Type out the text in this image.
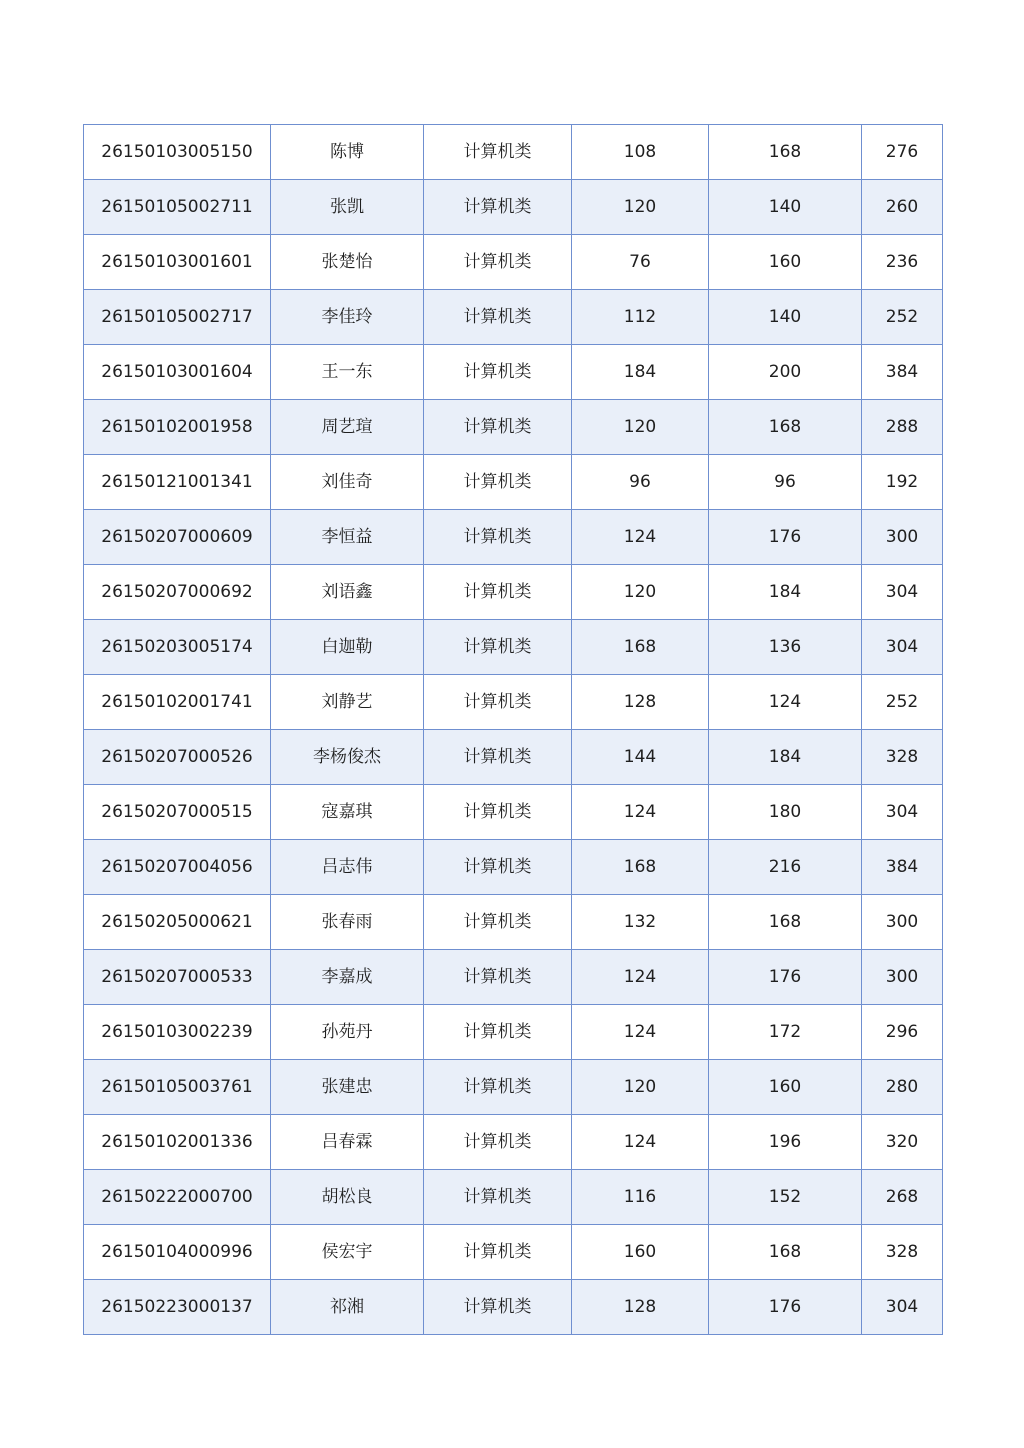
26150103005150	陈博	计算机类	108	168	276
26150105002711	张凯	计算机类	120	140	260
26150103001601	张楚怡	计算机类	76	160	236
26150105002717	李佳玲	计算机类	112	140	252
26150103001604	王一东	计算机类	184	200	384
26150102001958	周艺瑄	计算机类	120	168	288
26150121001341	刘佳奇	计算机类	96	96	192
26150207000609	李恒益	计算机类	124	176	300
26150207000692	刘语鑫	计算机类	120	184	304
26150203005174	白迦勒	计算机类	168	136	304
26150102001741	刘静艺	计算机类	128	124	252
26150207000526	李杨俊杰	计算机类	144	184	328
26150207000515	寇嘉琪	计算机类	124	180	304
26150207004056	吕志伟	计算机类	168	216	384
26150205000621	张春雨	计算机类	132	168	300
26150207000533	李嘉成	计算机类	124	176	300
26150103002239	孙苑丹	计算机类	124	172	296
26150105003761	张建忠	计算机类	120	160	280
26150102001336	吕春霖	计算机类	124	196	320
26150222000700	胡松良	计算机类	116	152	268
26150104000996	侯宏宇	计算机类	160	168	328
26150223000137	祁湘	计算机类	128	176	304
